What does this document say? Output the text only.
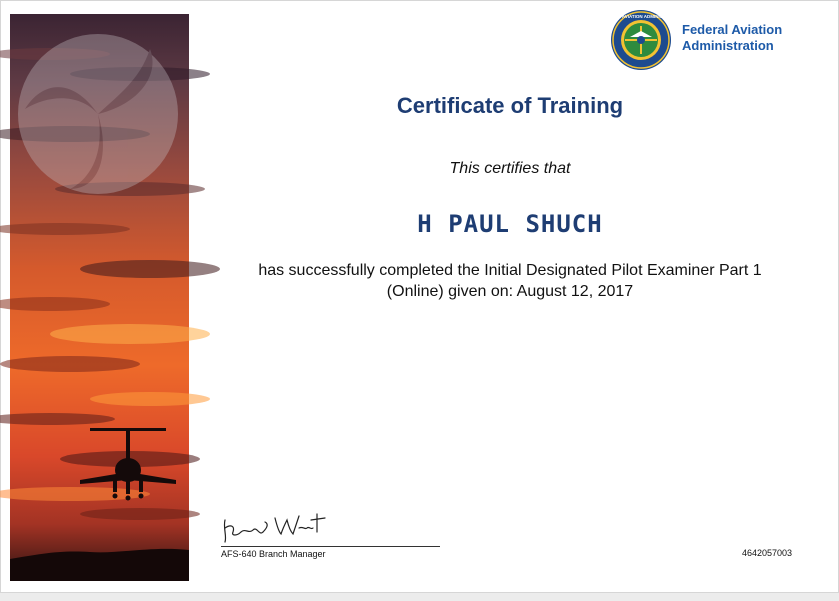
FEDERAL AVIATION ADMINISTRATION
Federal Aviation
Administration
Certificate of Training
This certifies that
H PAUL SHUCH
has successfully completed the Initial Designated Pilot Examiner Part 1
(Online) given on: August 12, 2017
AFS-640 Branch Manager	4642057003
